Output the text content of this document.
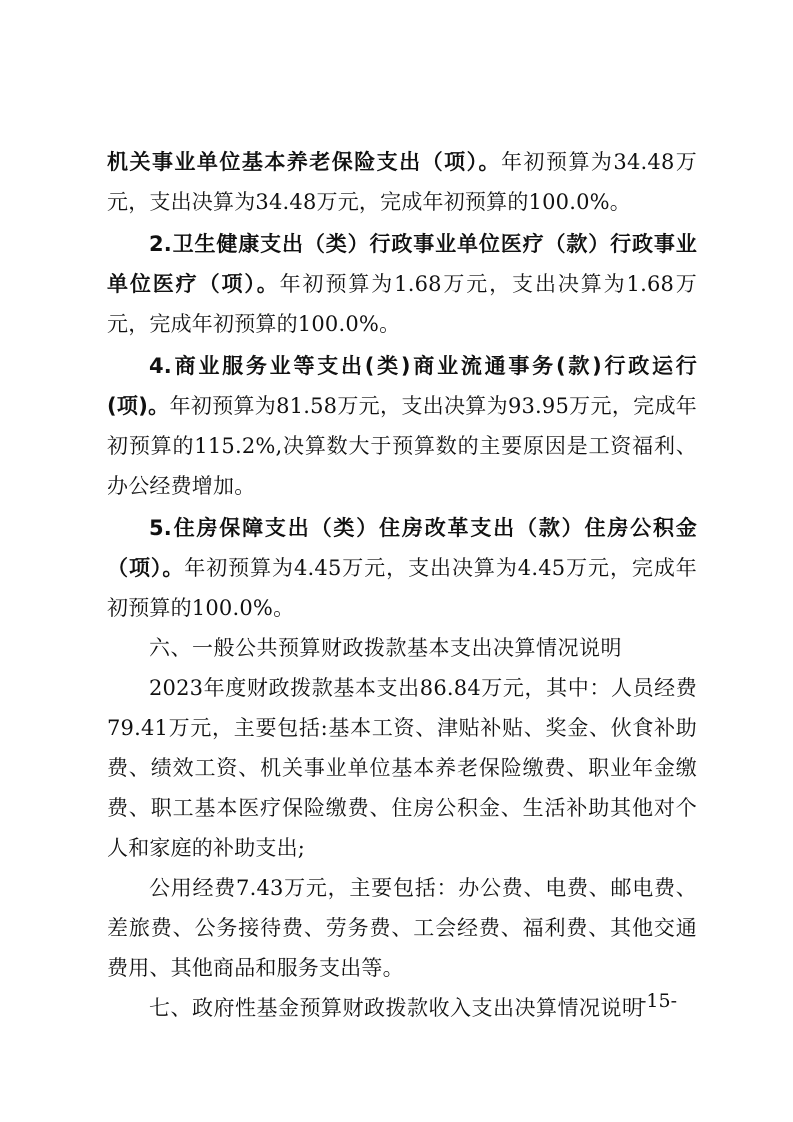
机关事业单位基本养老保险支出（项）。年初预算为34.48万元，支出决算为34.48万元，完成年初预算的100.0%。

2.卫生健康支出（类）行政事业单位医疗（款）行政事业单位医疗（项）。年初预算为1.68万元，支出决算为1.68万元，完成年初预算的100.0%。

4.商业服务业等支出(类)商业流通事务(款)行政运行(项)。年初预算为81.58万元，支出决算为93.95万元，完成年初预算的115.2%,决算数大于预算数的主要原因是工资福利、办公经费增加。

5.住房保障支出（类）住房改革支出（款）住房公积金（项）。年初预算为4.45万元，支出决算为4.45万元，完成年初预算的100.0%。

六、一般公共预算财政拨款基本支出决算情况说明

2023年度财政拨款基本支出86.84万元，其中：人员经费79.41万元，主要包括:基本工资、津贴补贴、奖金、伙食补助费、绩效工资、机关事业单位基本养老保险缴费、职业年金缴费、职工基本医疗保险缴费、住房公积金、生活补助其他对个人和家庭的补助支出;

公用经费7.43万元，主要包括：办公费、电费、邮电费、差旅费、公务接待费、劳务费、工会经费、福利费、其他交通费用、其他商品和服务支出等。

七、政府性基金预算财政拨款收入支出决算情况说明

-15-
